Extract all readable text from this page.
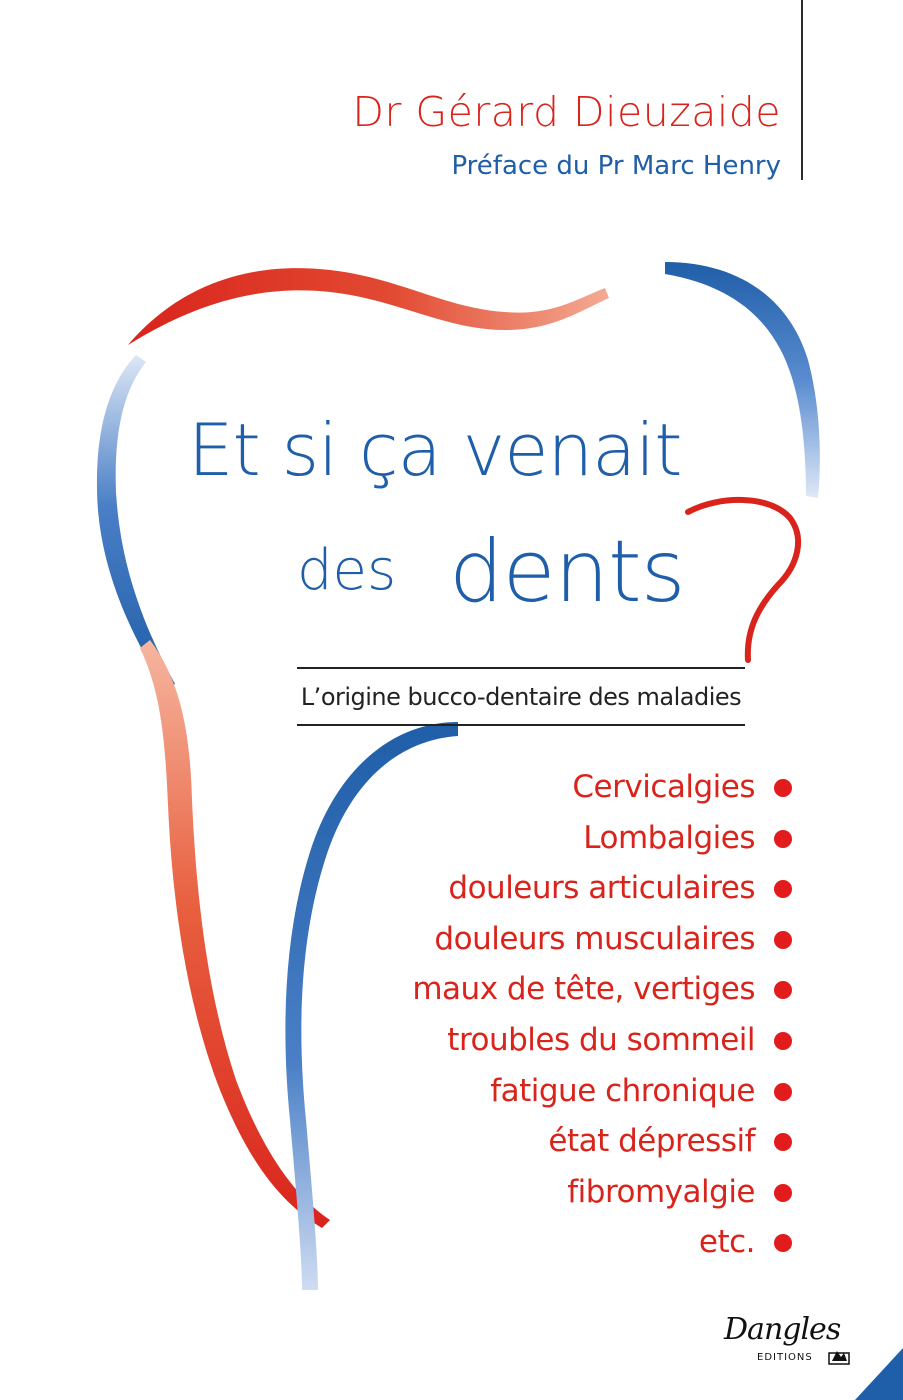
Dr Gérard Dieuzaide
Préface du Pr Marc Henry
Et si ça venait
des dents
L’origine bucco-dentaire des maladies
Cervicalgies
Lombalgies
douleurs articulaires
douleurs musculaires
maux de tête, vertiges
troubles du sommeil
fatigue chronique
état dépressif
fibromyalgie
etc.
Dangles
EDITIONS
